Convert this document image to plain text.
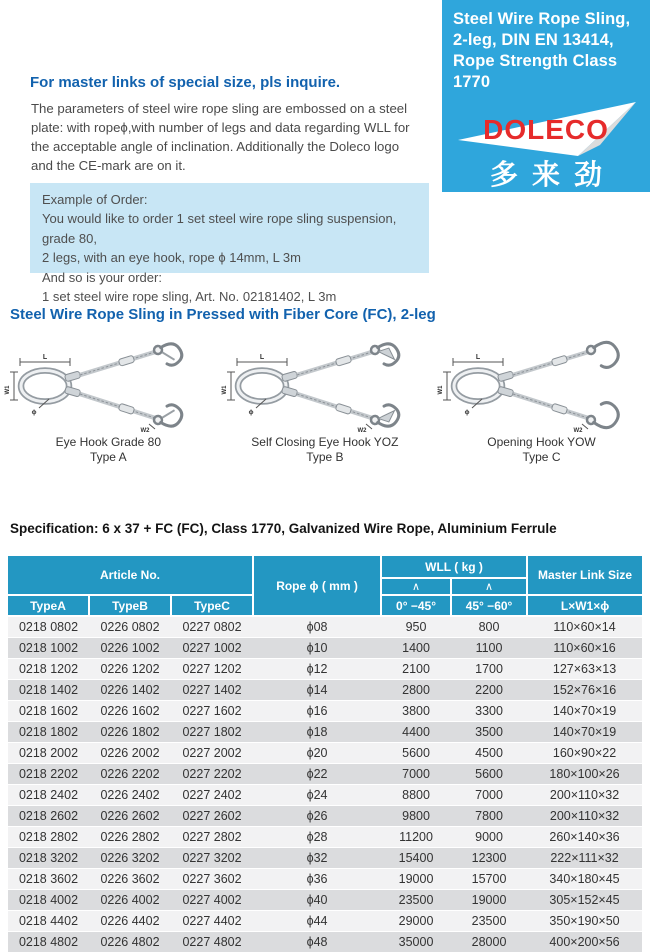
Steel Wire Rope Sling,
2-leg, DIN EN 13414,
Rope Strength Class
1770
DOLECO
多来劲
For master links of special size, pls inquire.
The parameters of steel wire rope sling are embossed on a steel
plate: with ropeϕ,with number of legs and data regarding WLL for
the acceptable angle of inclination. Additionally the Doleco logo
and the CE-mark are on it.
Example of Order:
You would like to order 1 set steel wire rope sling suspension, grade 80,
2 legs, with an eye hook, rope ϕ 14mm, L 3m
And so is your order:
1 set steel wire rope sling, Art. No. 02181402, L 3m
Steel Wire Rope Sling in Pressed with Fiber Core (FC), 2-leg
L
W1
ϕ
W2
Eye Hook Grade 80
Type A
L
W1
ϕ
W2
Self Closing Eye Hook YOZ
Type B
L
W1
ϕ
W2
Opening Hook YOW
Type C
Specification: 6 x 37 + FC (FC), Class 1770, Galvanized Wire Rope, Aluminium Ferrule
Article No.			Rope ϕ ( mm )	WLL ( kg )		Master Link Size
				∧	∧	
TypeA	TypeB	TypeC		0° −45°	45° −60°	L×W1×ϕ
0218 0802	0226 0802	0227 0802	ϕ08	950	800	110×60×14
0218 1002	0226 1002	0227 1002	ϕ10	1400	1100	110×60×16
0218 1202	0226 1202	0227 1202	ϕ12	2100	1700	127×63×13
0218 1402	0226 1402	0227 1402	ϕ14	2800	2200	152×76×16
0218 1602	0226 1602	0227 1602	ϕ16	3800	3300	140×70×19
0218 1802	0226 1802	0227 1802	ϕ18	4400	3500	140×70×19
0218 2002	0226 2002	0227 2002	ϕ20	5600	4500	160×90×22
0218 2202	0226 2202	0227 2202	ϕ22	7000	5600	180×100×26
0218 2402	0226 2402	0227 2402	ϕ24	8800	7000	200×110×32
0218 2602	0226 2602	0227 2602	ϕ26	9800	7800	200×110×32
0218 2802	0226 2802	0227 2802	ϕ28	11200	9000	260×140×36
0218 3202	0226 3202	0227 3202	ϕ32	15400	12300	222×111×32
0218 3602	0226 3602	0227 3602	ϕ36	19000	15700	340×180×45
0218 4002	0226 4002	0227 4002	ϕ40	23500	19000	305×152×45
0218 4402	0226 4402	0227 4402	ϕ44	29000	23500	350×190×50
0218 4802	0226 4802	0227 4802	ϕ48	35000	28000	400×200×56
